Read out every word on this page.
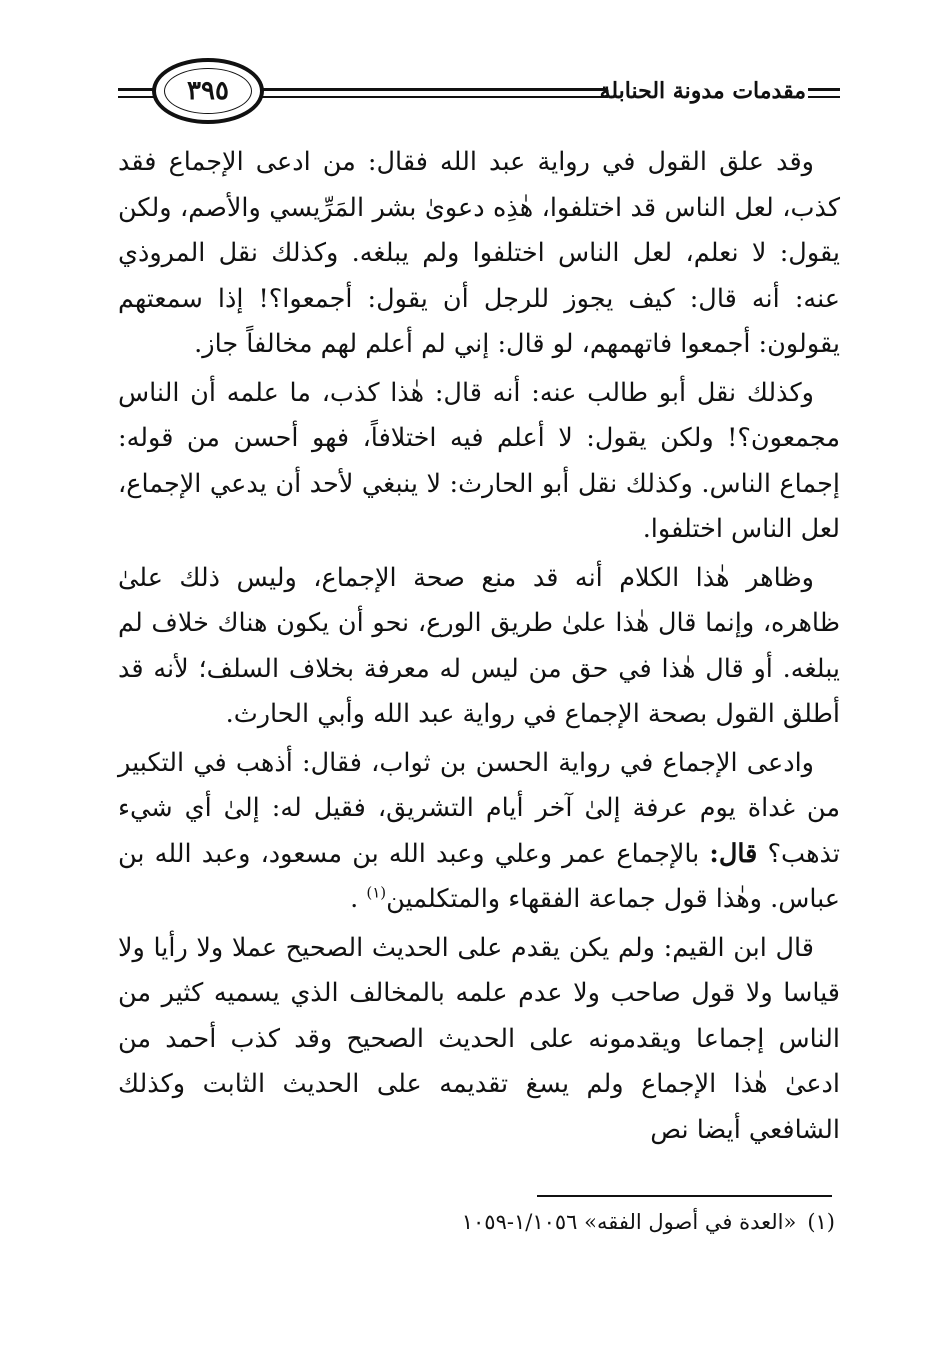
مقدمات مدونة الحنابلة
٣٩٥

وقد علق القول في رواية عبد الله فقال: من ادعى الإجماع فقد كذب، لعل الناس قد اختلفوا، هٰذِه دعوىٰ بشر المَرِّيسي والأصم، ولكن يقول: لا نعلم، لعل الناس اختلفوا ولم يبلغه. وكذلك نقل المروذي عنه: أنه قال: كيف يجوز للرجل أن يقول: أجمعوا؟! إذا سمعتهم يقولون: أجمعوا فاتهمهم، لو قال: إني لم أعلم لهم مخالفاً جاز.

وكذلك نقل أبو طالب عنه: أنه قال: هٰذا كذب، ما علمه أن الناس مجمعون؟! ولكن يقول: لا أعلم فيه اختلافاً، فهو أحسن من قوله: إجماع الناس. وكذلك نقل أبو الحارث: لا ينبغي لأحد أن يدعي الإجماع، لعل الناس اختلفوا.

وظاهر هٰذا الكلام أنه قد منع صحة الإجماع، وليس ذلك علىٰ ظاهره، وإنما قال هٰذا علىٰ طريق الورع، نحو أن يكون هناك خلاف لم يبلغه. أو قال هٰذا في حق من ليس له معرفة بخلاف السلف؛ لأنه قد أطلق القول بصحة الإجماع في رواية عبد الله وأبي الحارث.

وادعى الإجماع في رواية الحسن بن ثواب، فقال: أذهب في التكبير من غداة يوم عرفة إلىٰ آخر أيام التشريق، فقيل له: إلىٰ أي شيء تذهب؟ قال: بالإجماع عمر وعلي وعبد الله بن مسعود، وعبد الله بن عباس. وهٰذا قول جماعة الفقهاء والمتكلمين$^{(١)}$ .

قال ابن القيم: ولم يكن يقدم على الحديث الصحيح عملا ولا رأيا ولا قياسا ولا قول صاحب ولا عدم علمه بالمخالف الذي يسميه كثير من الناس إجماعا ويقدمونه على الحديث الصحيح وقد كذب أحمد من ادعىٰ هٰذا الإجماع ولم يسغ تقديمه على الحديث الثابت وكذلك الشافعي أيضا نص

(١) «العدة في أصول الفقه» ١/١٠٥٦-١٠٥٩
